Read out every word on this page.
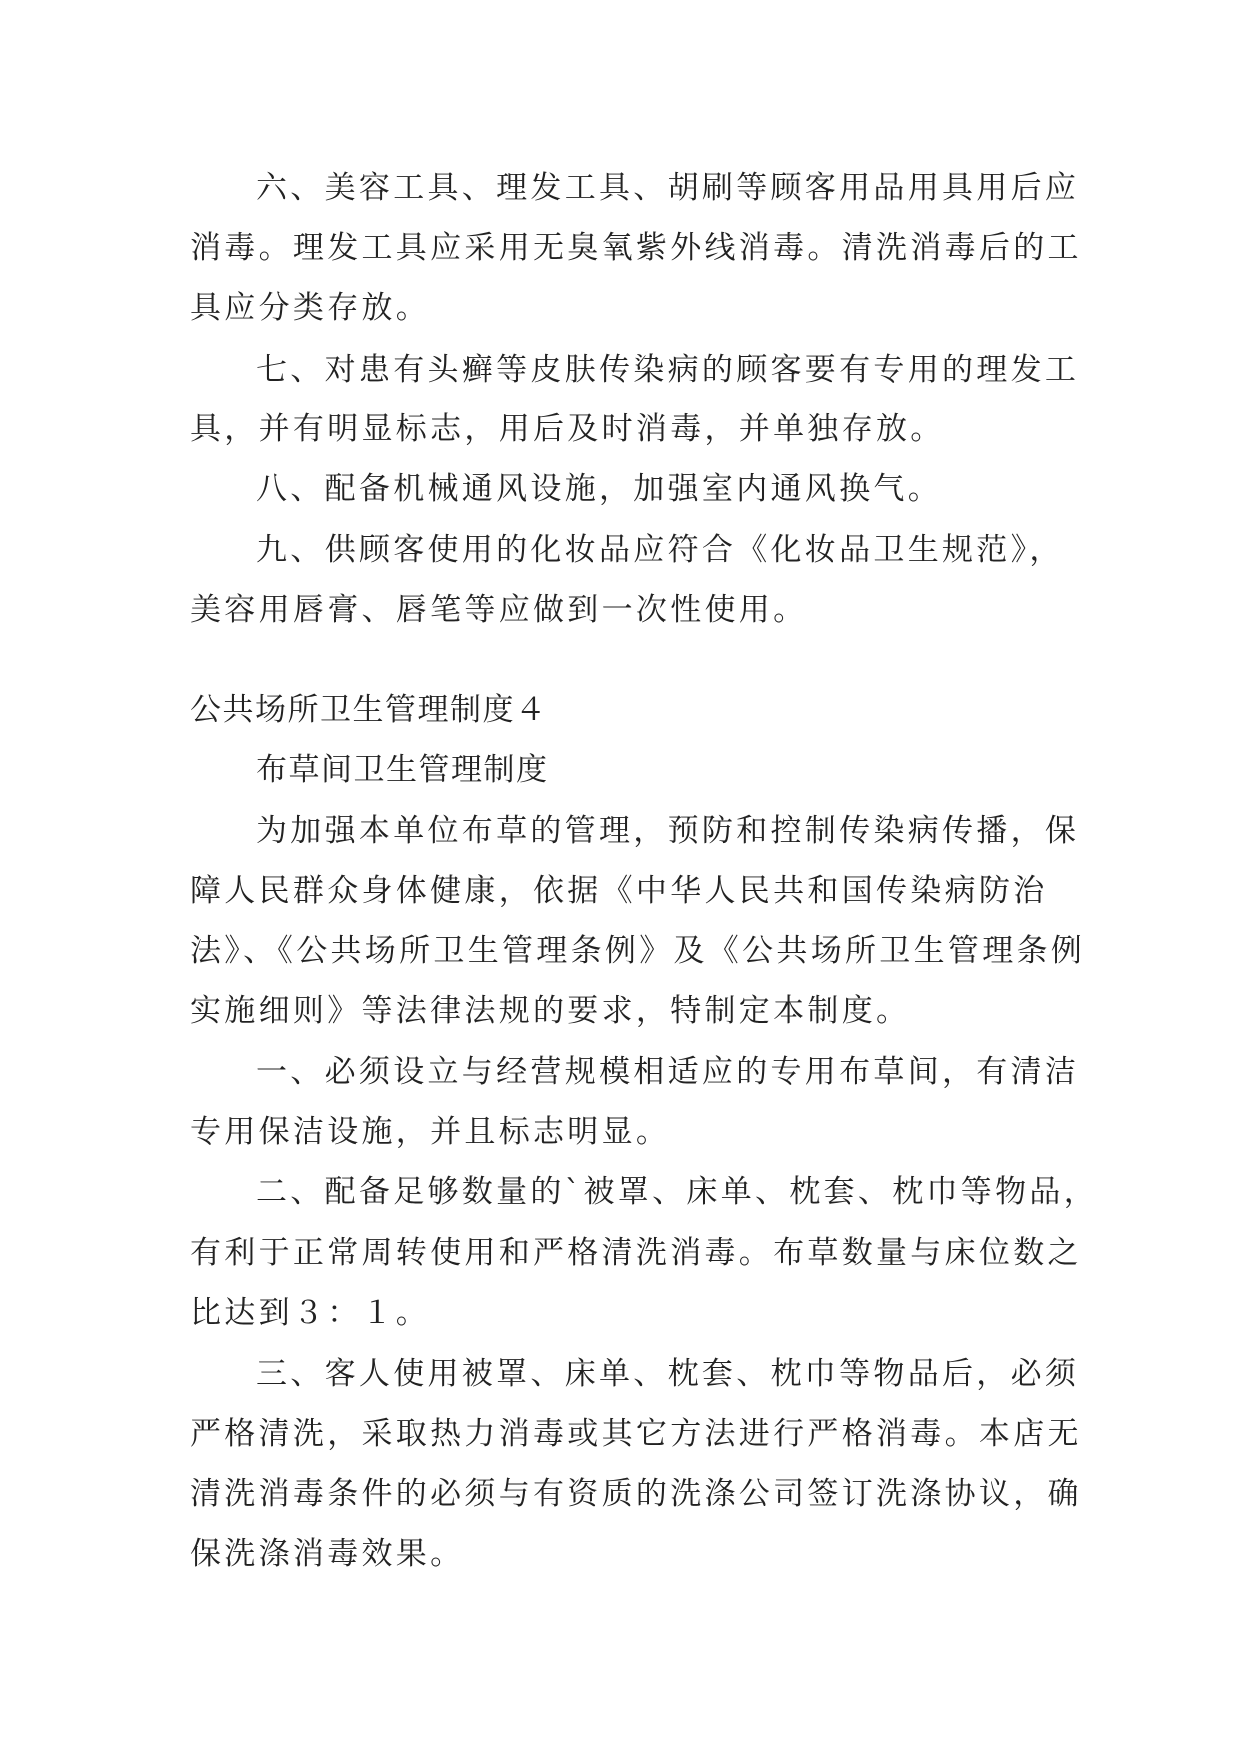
六、美容工具、理发工具、胡刷等顾客用品用具用后应
消毒。理发工具应采用无臭氧紫外线消毒。清洗消毒后的工
具应分类存放。
七、对患有头癣等皮肤传染病的顾客要有专用的理发工
具，并有明显标志，用后及时消毒，并单独存放。
八、配备机械通风设施，加强室内通风换气。
九、供顾客使用的化妆品应符合《化妆品卫生规范》，
美容用唇膏、唇笔等应做到一次性使用。
公共场所卫生管理制度４
布草间卫生管理制度
为加强本单位布草的管理，预防和控制传染病传播，保
障人民群众身体健康，依据《中华人民共和国传染病防治
法》、《公共场所卫生管理条例》及《公共场所卫生管理条例
实施细则》等法律法规的要求，特制定本制度。
一、必须设立与经营规模相适应的专用布草间，有清洁
专用保洁设施，并且标志明显。
二、配备足够数量的`被罩、床单、枕套、枕巾等物品，
有利于正常周转使用和严格清洗消毒。布草数量与床位数之
比达到３：１。
三、客人使用被罩、床单、枕套、枕巾等物品后，必须
严格清洗，采取热力消毒或其它方法进行严格消毒。本店无
清洗消毒条件的必须与有资质的洗涤公司签订洗涤协议，确
保洗涤消毒效果。
